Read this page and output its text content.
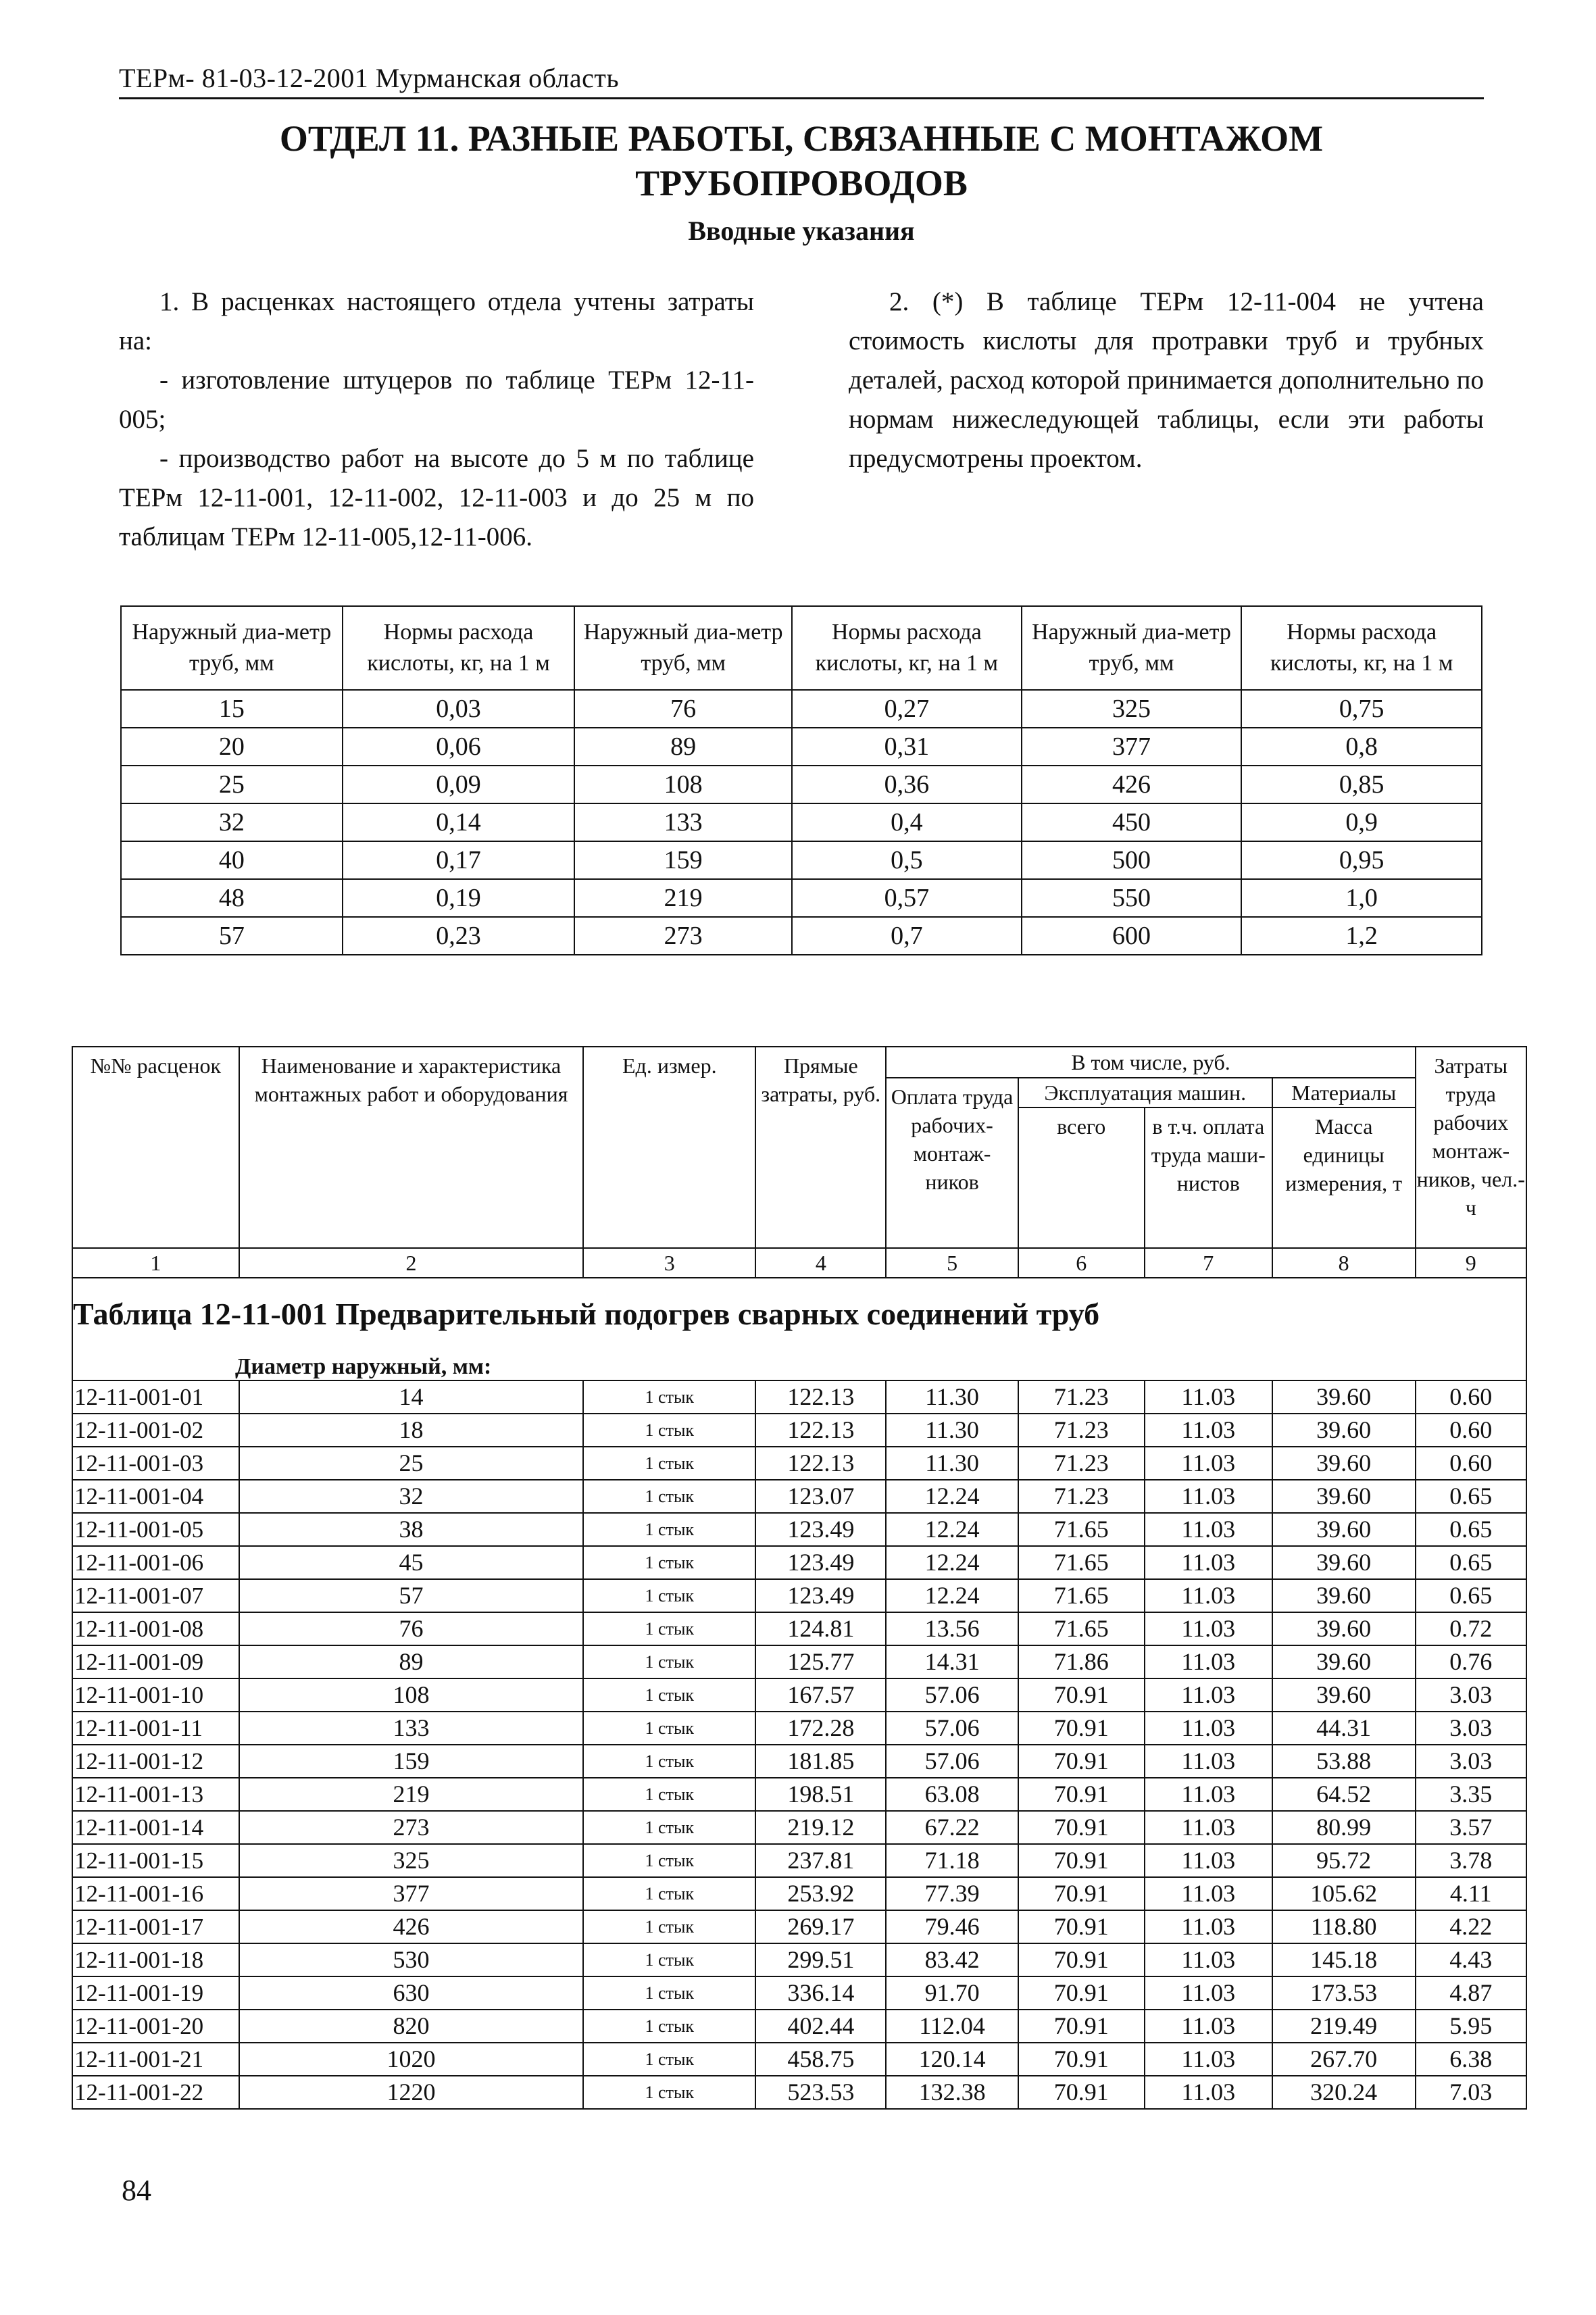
ТЕРм- 81-03-12-2001 Мурманская область
ОТДЕЛ 11. РАЗНЫЕ РАБОТЫ, СВЯЗАННЫЕ С МОНТАЖОМ
ТРУБОПРОВОДОВ
Вводные указания

1. В расценках настоящего отдела учтены затраты на:

- изготовление штуцеров по таблице ТЕРм 12-11-005;

- производство работ на высоте до 5 м по таблице ТЕРм 12-11-001, 12-11-002, 12-11-003 и до 25 м по таблицам ТЕРм 12-11-005,12-11-006.

2. (*) В таблице ТЕРм 12-11-004 не учтена стоимость кислоты для протравки труб и трубных деталей, расход которой принимается дополнительно по нормам нижеследующей таблицы, если эти работы предусмотрены проектом.

Наружный диа-метр труб, мм	Нормы расхода кислоты, кг, на 1 м	Наружный диа-метр труб, мм	Нормы расхода кислоты, кг, на 1 м	Наружный диа-метр труб, мм	Нормы расхода кислоты, кг, на 1 м
15	0,03	76	0,27	325	0,75
20	0,06	89	0,31	377	0,8
25	0,09	108	0,36	426	0,85
32	0,14	133	0,4	450	0,9
40	0,17	159	0,5	500	0,95
48	0,19	219	0,57	550	1,0
57	0,23	273	0,7	600	1,2
№№ расценок	Наименование и характеристика монтажных работ и оборудования	Ед. измер.	Прямые затраты, руб.	В том числе, руб.				Затраты труда рабочих монтаж-ников, чел.-ч
				Оплата труда рабочих-монтаж-ников	Эксплуатация машин.		Материалы	
					всего	в т.ч. оплата труда маши-нистов	Масса единицы измерения, т	
1	2	3	4	5	6	7	8	9
Таблица 12-11-001 Предварительный подогрев сварных соединений труб								
Диаметр наружный, мм:								
12-11-001-01	14	1 стык	122.13	11.30	71.23	11.03	39.60	0.60
12-11-001-02	18	1 стык	122.13	11.30	71.23	11.03	39.60	0.60
12-11-001-03	25	1 стык	122.13	11.30	71.23	11.03	39.60	0.60
12-11-001-04	32	1 стык	123.07	12.24	71.23	11.03	39.60	0.65
12-11-001-05	38	1 стык	123.49	12.24	71.65	11.03	39.60	0.65
12-11-001-06	45	1 стык	123.49	12.24	71.65	11.03	39.60	0.65
12-11-001-07	57	1 стык	123.49	12.24	71.65	11.03	39.60	0.65
12-11-001-08	76	1 стык	124.81	13.56	71.65	11.03	39.60	0.72
12-11-001-09	89	1 стык	125.77	14.31	71.86	11.03	39.60	0.76
12-11-001-10	108	1 стык	167.57	57.06	70.91	11.03	39.60	3.03
12-11-001-11	133	1 стык	172.28	57.06	70.91	11.03	44.31	3.03
12-11-001-12	159	1 стык	181.85	57.06	70.91	11.03	53.88	3.03
12-11-001-13	219	1 стык	198.51	63.08	70.91	11.03	64.52	3.35
12-11-001-14	273	1 стык	219.12	67.22	70.91	11.03	80.99	3.57
12-11-001-15	325	1 стык	237.81	71.18	70.91	11.03	95.72	3.78
12-11-001-16	377	1 стык	253.92	77.39	70.91	11.03	105.62	4.11
12-11-001-17	426	1 стык	269.17	79.46	70.91	11.03	118.80	4.22
12-11-001-18	530	1 стык	299.51	83.42	70.91	11.03	145.18	4.43
12-11-001-19	630	1 стык	336.14	91.70	70.91	11.03	173.53	4.87
12-11-001-20	820	1 стык	402.44	112.04	70.91	11.03	219.49	5.95
12-11-001-21	1020	1 стык	458.75	120.14	70.91	11.03	267.70	6.38
12-11-001-22	1220	1 стык	523.53	132.38	70.91	11.03	320.24	7.03
84
